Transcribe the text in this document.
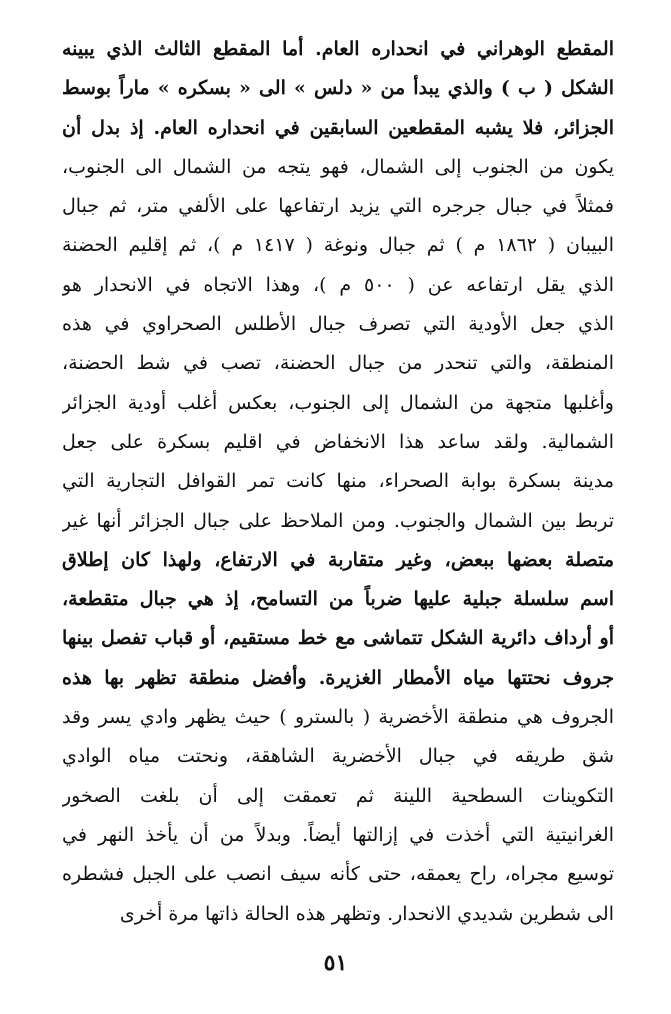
المقطع الوهراني في انحداره العام. أما المقطع الثالث الذي يبينه
الشكل ( ب ) والذي يبدأ من « دلس » الى « بسكره » ماراً بوسط
الجزائر، فلا يشبه المقطعين السابقين في انحداره العام. إذ بدل أن
يكون من الجنوب إلى الشمال، فهو يتجه من الشمال الى الجنوب،
فمثلاً في جبال جرجره التي يزيد ارتفاعها على الألفي متر، ثم جبال
البيبان ( ١٨٦٢ م ) ثم جبال ونوغة ( ١٤١٧ م )، ثم إقليم الحضنة
الذي يقل ارتفاعه عن ( ٥٠٠ م )، وهذا الاتجاه في الانحدار هو
الذي جعل الأودية التي تصرف جبال الأطلس الصحراوي في هذه
المنطقة، والتي تنحدر من جبال الحضنة، تصب في شط الحضنة،
وأغلبها متجهة من الشمال إلى الجنوب، بعكس أغلب أودية الجزائر
الشمالية. ولقد ساعد هذا الانخفاض في اقليم بسكرة على جعل
مدينة بسكرة بوابة الصحراء، منها كانت تمر القوافل التجارية التي
تربط بين الشمال والجنوب. ومن الملاحظ على جبال الجزائر أنها غير
متصلة بعضها ببعض، وغير متقاربة في الارتفاع، ولهذا كان إطلاق
اسم سلسلة جبلية عليها ضرباً من التسامح، إذ هي جبال متقطعة،
أو أرداف دائرية الشكل تتماشى مع خط مستقيم، أو قباب تفصل بينها
جروف نحتتها مياه الأمطار الغزيرة. وأفضل منطقة تظهر بها هذه
الجروف هي منطقة الأخضرية ( بالسترو ) حيث يظهر وادي يسر وقد
شق طريقه في جبال الأخضرية الشاهقة، ونحتت مياه الوادي
التكوينات السطحية اللينة ثم تعمقت إلى أن بلغت الصخور
الغرانيتية التي أخذت في إزالتها أيضاً. وبدلاً من أن يأخذ النهر في
توسيع مجراه، راح يعمقه، حتى كأنه سيف انصب على الجبل فشطره
الى شطرين شديدي الانحدار. وتظهر هذه الحالة ذاتها مرة أخرى
٥١
